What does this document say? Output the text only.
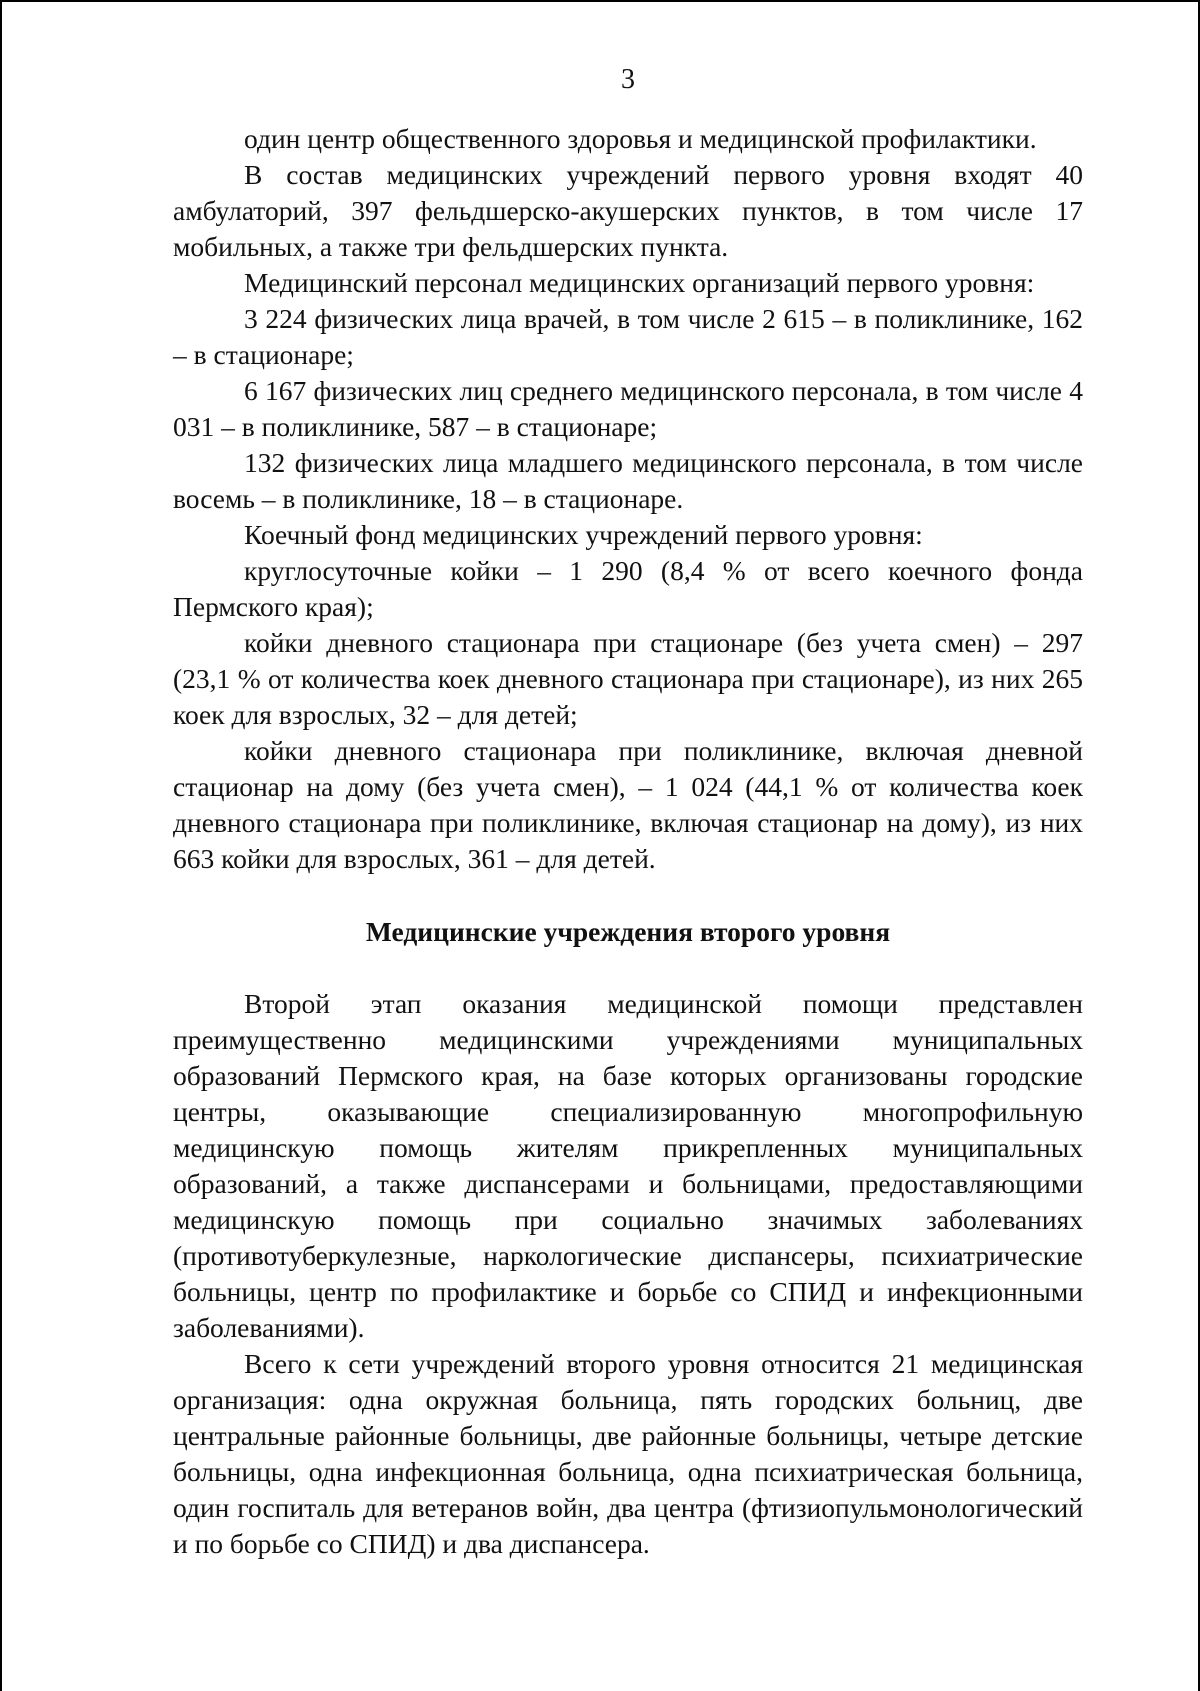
3

один центр общественного здоровья и медицинской профилактики.

В состав медицинских учреждений первого уровня входят 40 амбулаторий, 397 фельдшерско-акушерских пунктов, в том числе 17 мобильных, а также три фельдшерских пункта.

Медицинский персонал медицинских организаций первого уровня:

3 224 физических лица врачей, в том числе 2 615 – в поликлинике, 162 – в стационаре;

6 167 физических лиц среднего медицинского персонала, в том числе 4 031 – в поликлинике, 587 – в стационаре;

132 физических лица младшего медицинского персонала, в том числе восемь – в поликлинике, 18 – в стационаре.

Коечный фонд медицинских учреждений первого уровня:

круглосуточные койки – 1 290 (8,4 % от всего коечного фонда Пермского края);

койки дневного стационара при стационаре (без учета смен) – 297 (23,1 % от количества коек дневного стационара при стационаре), из них 265 коек для взрослых, 32 – для детей;

койки дневного стационара при поликлинике, включая дневной стационар на дому (без учета смен), – 1 024 (44,1 % от количества коек дневного стационара при поликлинике, включая стационар на дому), из них 663 койки для взрослых, 361 – для детей.

Медицинские учреждения второго уровня

Второй этап оказания медицинской помощи представлен преимущественно медицинскими учреждениями муниципальных образований Пермского края, на базе которых организованы городские центры, оказывающие специализированную многопрофильную медицинскую помощь жителям прикрепленных муниципальных образований, а также диспансерами и больницами, предоставляющими медицинскую помощь при социально значимых заболеваниях (противотуберкулезные, наркологические диспансеры, психиатрические больницы, центр по профилактике и борьбе со СПИД и инфекционными заболеваниями).

Всего к сети учреждений второго уровня относится 21 медицинская организация: одна окружная больница, пять городских больниц, две центральные районные больницы, две районные больницы, четыре детские больницы, одна инфекционная больница, одна психиатрическая больница, один госпиталь для ветеранов войн, два центра (фтизиопульмонологический и по борьбе со СПИД) и два диспансера.
